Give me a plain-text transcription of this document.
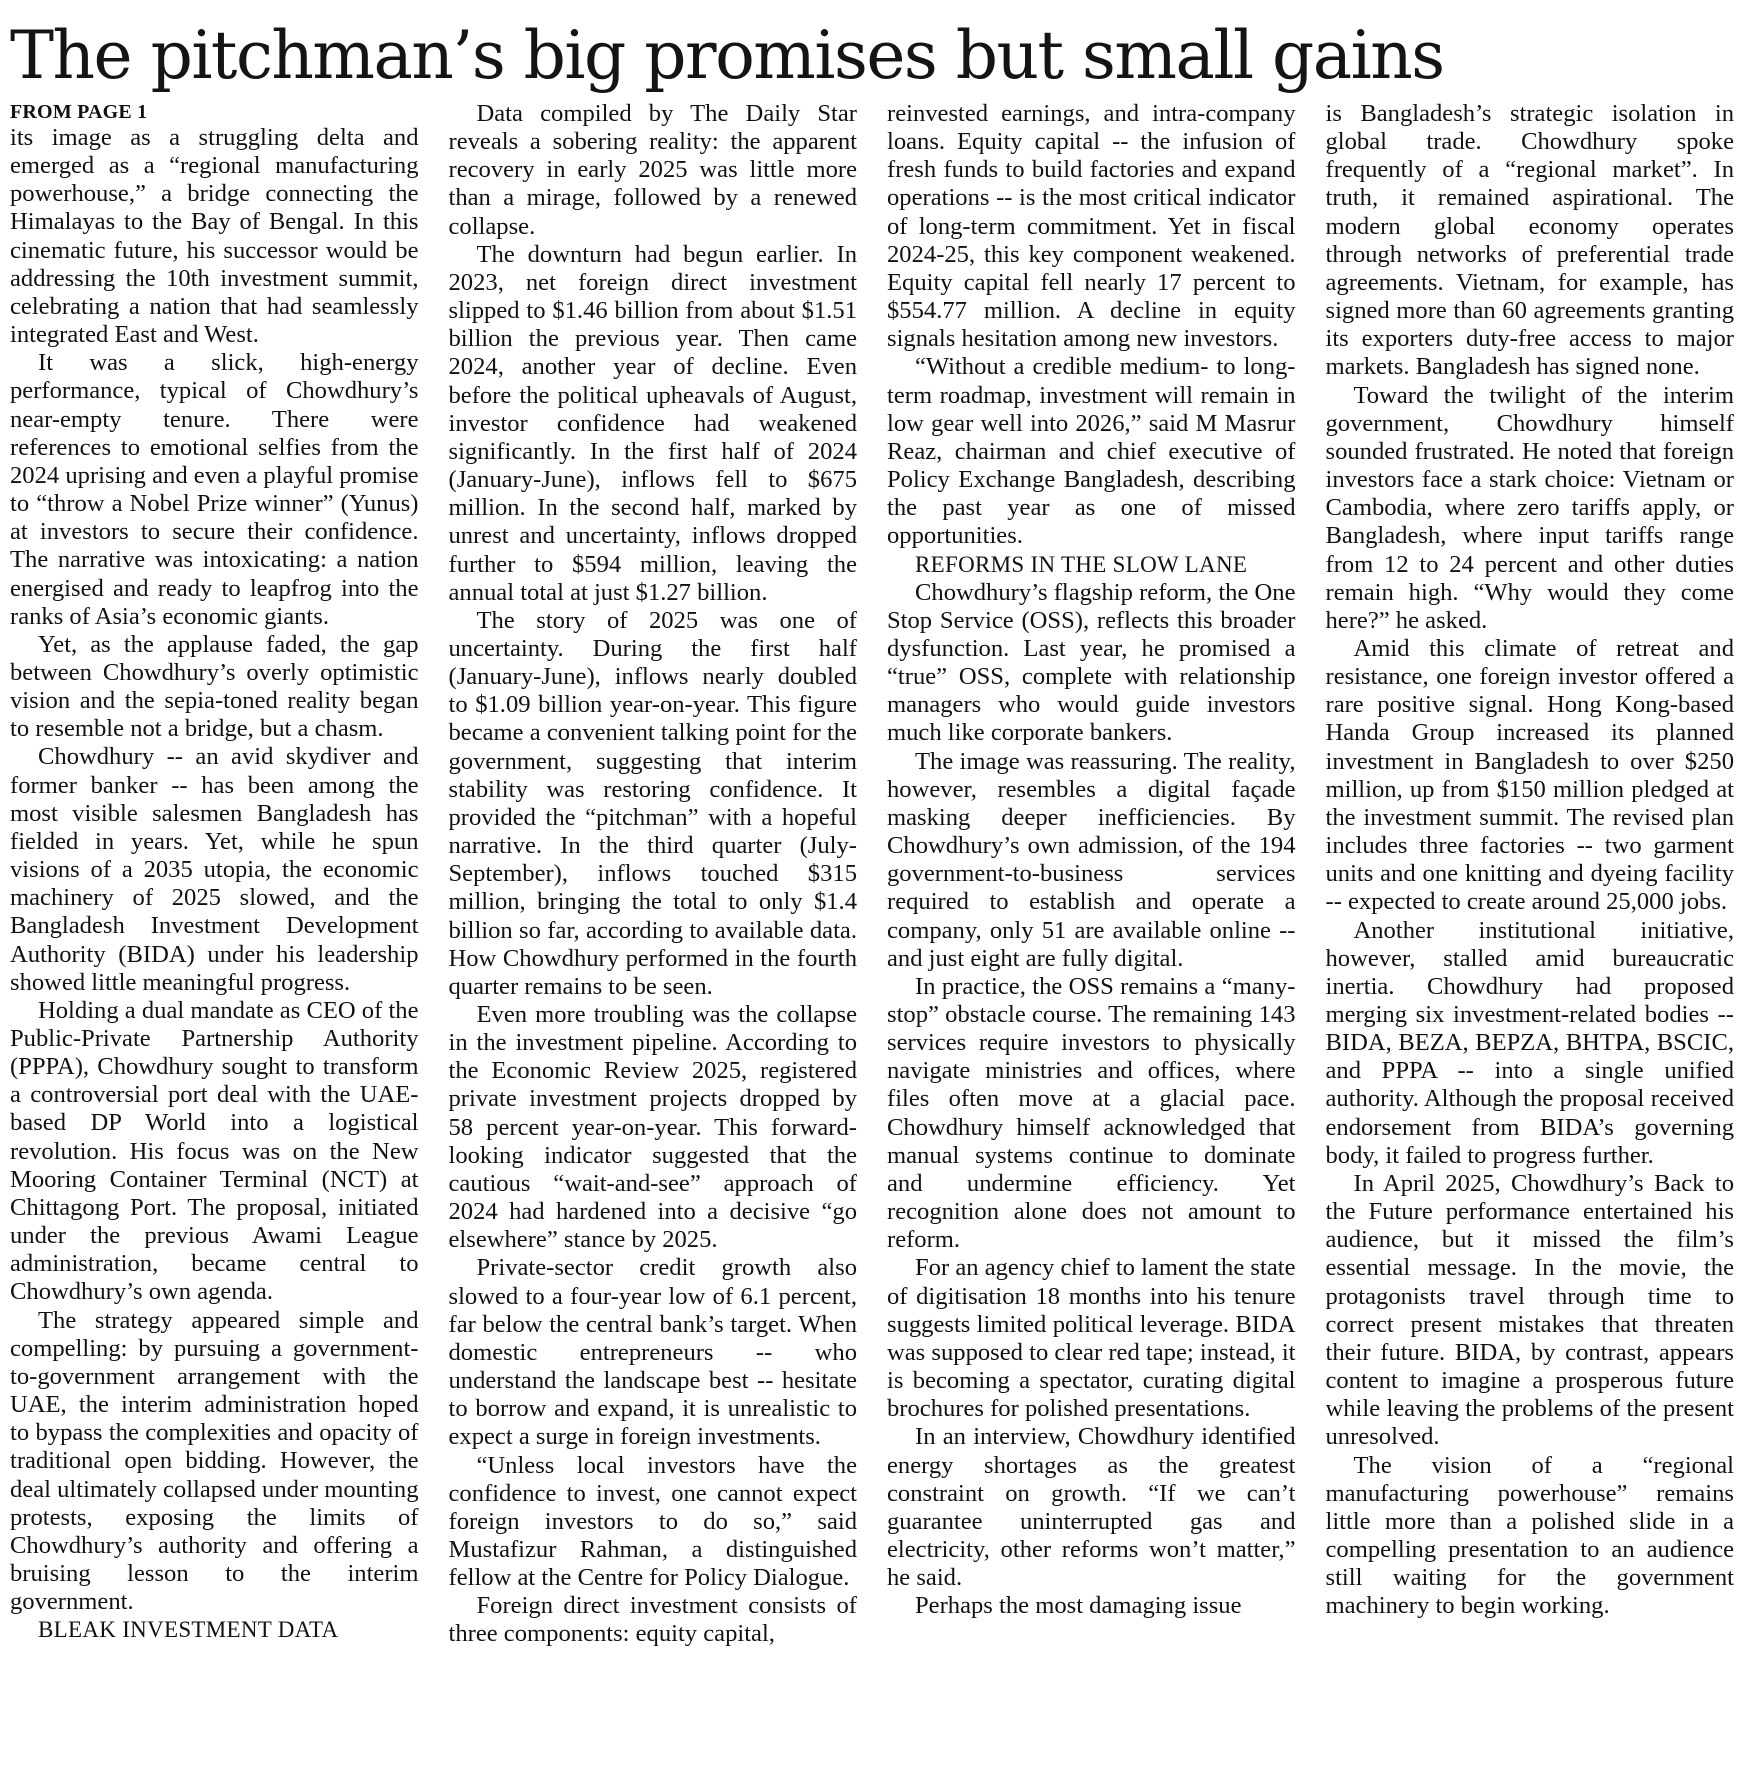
The pitchman’s big promises but small gains
FROM PAGE 1

its image as a struggling delta and emerged as a “regional manufacturing powerhouse,” a bridge connecting the Himalayas to the Bay of Bengal. In this cinematic future, his successor would be addressing the 10th investment summit, celebrating a nation that had seamlessly integrated East and West.

It was a slick, high-energy performance, typical of Chowdhury’s near-empty tenure. There were references to emotional selfies from the 2024 uprising and even a playful promise to “throw a Nobel Prize winner” (Yunus) at investors to secure their confidence. The narrative was intoxicating: a nation energised and ready to leapfrog into the ranks of Asia’s economic giants.

Yet, as the applause faded, the gap between Chowdhury’s overly optimistic vision and the sepia-toned reality began to resemble not a bridge, but a chasm.

Chowdhury -- an avid skydiver and former banker -- has been among the most visible salesmen Bangladesh has fielded in years. Yet, while he spun visions of a 2035 utopia, the economic machinery of 2025 slowed, and the Bangladesh Investment Development Authority (BIDA) under his leadership showed little meaningful progress.

Holding a dual mandate as CEO of the Public-Private Partnership Authority (PPPA), Chowdhury sought to transform a controversial port deal with the UAE-based DP World into a logistical revolution. His focus was on the New Mooring Container Terminal (NCT) at Chittagong Port. The proposal, initiated under the previous Awami League administration, became central to Chowdhury’s own agenda.

The strategy appeared simple and compelling: by pursuing a government-to-government arrangement with the UAE, the interim administration hoped to bypass the complexities and opacity of traditional open bidding. However, the deal ultimately collapsed under mounting protests, exposing the limits of Chowdhury’s authority and offering a bruising lesson to the interim government.

BLEAK INVESTMENT DATA

Data compiled by The Daily Star reveals a sobering reality: the apparent recovery in early 2025 was little more than a mirage, followed by a renewed collapse.

The downturn had begun earlier. In 2023, net foreign direct investment slipped to $1.46 billion from about $1.51 billion the previous year. Then came 2024, another year of decline. Even before the political upheavals of August, investor confidence had weakened significantly. In the first half of 2024 (January-June), inflows fell to $675 million. In the second half, marked by unrest and uncertainty, inflows dropped further to $594 million, leaving the annual total at just $1.27 billion.

The story of 2025 was one of uncertainty. During the first half (January-June), inflows nearly doubled to $1.09 billion year-on-year. This figure became a convenient talking point for the government, suggesting that interim stability was restoring confidence. It provided the “pitchman” with a hopeful narrative. In the third quarter (July-September), inflows touched $315 million, bringing the total to only $1.4 billion so far, according to available data. How Chowdhury performed in the fourth quarter remains to be seen.

Even more troubling was the collapse in the investment pipeline. According to the Economic Review 2025, registered private investment projects dropped by 58 percent year-on-year. This forward-looking indicator suggested that the cautious “wait-and-see” approach of 2024 had hardened into a decisive “go elsewhere” stance by 2025.

Private-sector credit growth also slowed to a four-year low of 6.1 percent, far below the central bank’s target. When domestic entrepreneurs -- who understand the landscape best -- hesitate to borrow and expand, it is unrealistic to expect a surge in foreign investments.

“Unless local investors have the confidence to invest, one cannot expect foreign investors to do so,” said Mustafizur Rahman, a distinguished fellow at the Centre for Policy Dialogue.

Foreign direct investment consists of three components: equity capital,

reinvested earnings, and intra-company loans. Equity capital -- the infusion of fresh funds to build factories and expand operations -- is the most critical indicator of long-term commitment. Yet in fiscal 2024-25, this key component weakened. Equity capital fell nearly 17 percent to $554.77 million. A decline in equity signals hesitation among new investors.

“Without a credible medium- to long-term roadmap, investment will remain in low gear well into 2026,” said M Masrur Reaz, chairman and chief executive of Policy Exchange Bangladesh, describing the past year as one of missed opportunities.

REFORMS IN THE SLOW LANE

Chowdhury’s flagship reform, the One Stop Service (OSS), reflects this broader dysfunction. Last year, he promised a “true” OSS, complete with relationship managers who would guide investors much like corporate bankers.

The image was reassuring. The reality, however, resembles a digital façade masking deeper inefficiencies. By Chowdhury’s own admission, of the 194 government-to-business services required to establish and operate a company, only 51 are available online -- and just eight are fully digital.

In practice, the OSS remains a “many-stop” obstacle course. The remaining 143 services require investors to physically navigate ministries and offices, where files often move at a glacial pace. Chowdhury himself acknowledged that manual systems continue to dominate and undermine efficiency. Yet recognition alone does not amount to reform.

For an agency chief to lament the state of digitisation 18 months into his tenure suggests limited political leverage. BIDA was supposed to clear red tape; instead, it is becoming a spectator, curating digital brochures for polished presentations.

In an interview, Chowdhury identified energy shortages as the greatest constraint on growth. “If we can’t guarantee uninterrupted gas and electricity, other reforms won’t matter,” he said.

Perhaps the most damaging issue

is Bangladesh’s strategic isolation in global trade. Chowdhury spoke frequently of a “regional market”. In truth, it remained aspirational. The modern global economy operates through networks of preferential trade agreements. Vietnam, for example, has signed more than 60 agreements granting its exporters duty-free access to major markets. Bangladesh has signed none.

Toward the twilight of the interim government, Chowdhury himself sounded frustrated. He noted that foreign investors face a stark choice: Vietnam or Cambodia, where zero tariffs apply, or Bangladesh, where input tariffs range from 12 to 24 percent and other duties remain high. “Why would they come here?” he asked.

Amid this climate of retreat and resistance, one foreign investor offered a rare positive signal. Hong Kong-based Handa Group increased its planned investment in Bangladesh to over $250 million, up from $150 million pledged at the investment summit. The revised plan includes three factories -- two garment units and one knitting and dyeing facility -- expected to create around 25,000 jobs.

Another institutional initiative, however, stalled amid bureaucratic inertia. Chowdhury had proposed merging six investment-related bodies -- BIDA, BEZA, BEPZA, BHTPA, BSCIC, and PPPA -- into a single unified authority. Although the proposal received endorsement from BIDA’s governing body, it failed to progress further.

In April 2025, Chowdhury’s Back to the Future performance entertained his audience, but it missed the film’s essential message. In the movie, the protagonists travel through time to correct present mistakes that threaten their future. BIDA, by contrast, appears content to imagine a prosperous future while leaving the problems of the present unresolved.

The vision of a “regional manufacturing powerhouse” remains little more than a polished slide in a compelling presentation to an audience still waiting for the government machinery to begin working.
